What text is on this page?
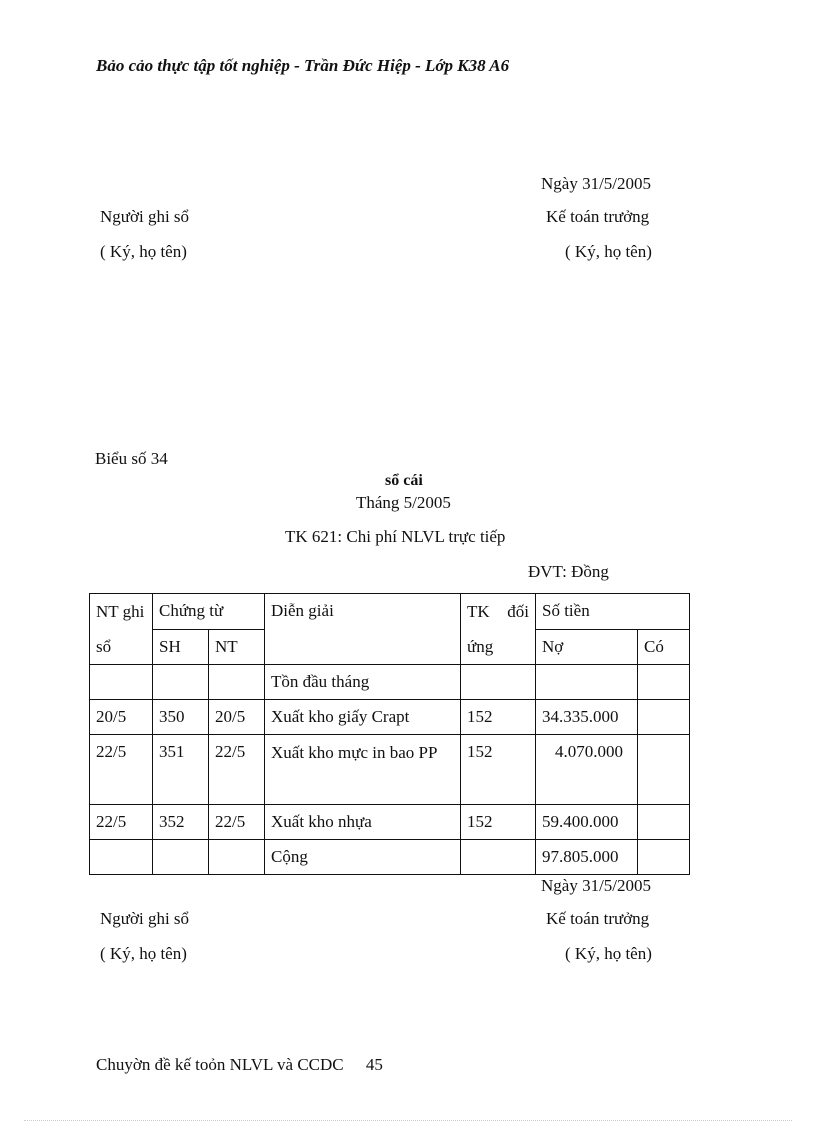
Bảo cảo thực tập tốt nghiệp - Trần Đức Hiệp - Lớp K38 A6
Ngày 31/5/2005
Người ghi sổ	Kế toán trưởng
( Ký, họ tên)	( Ký, họ tên)
Biểu số 34
sổ cái
Tháng 5/2005
TK 621: Chi phí NLVL trực tiếp
ĐVT: Đồng
NT ghi sổ	Chứng từ		Diễn giải	TK đối ứng	Số tiền	
	SH	NT			Nợ	Có
			Tồn đầu tháng			
20/5	350	20/5	Xuất kho giấy Crapt	152	34.335.000	
22/5	351	22/5	Xuất kho mực in bao PP	152	4.070.000	
22/5	352	22/5	Xuất kho nhựa	152	59.400.000	
			Cộng		97.805.000	
Ngày 31/5/2005
Người ghi sổ	Kế toán trưởng
( Ký, họ tên)	( Ký, họ tên)
Chuyờn đề kế toỏn NLVL và CCDC 45
